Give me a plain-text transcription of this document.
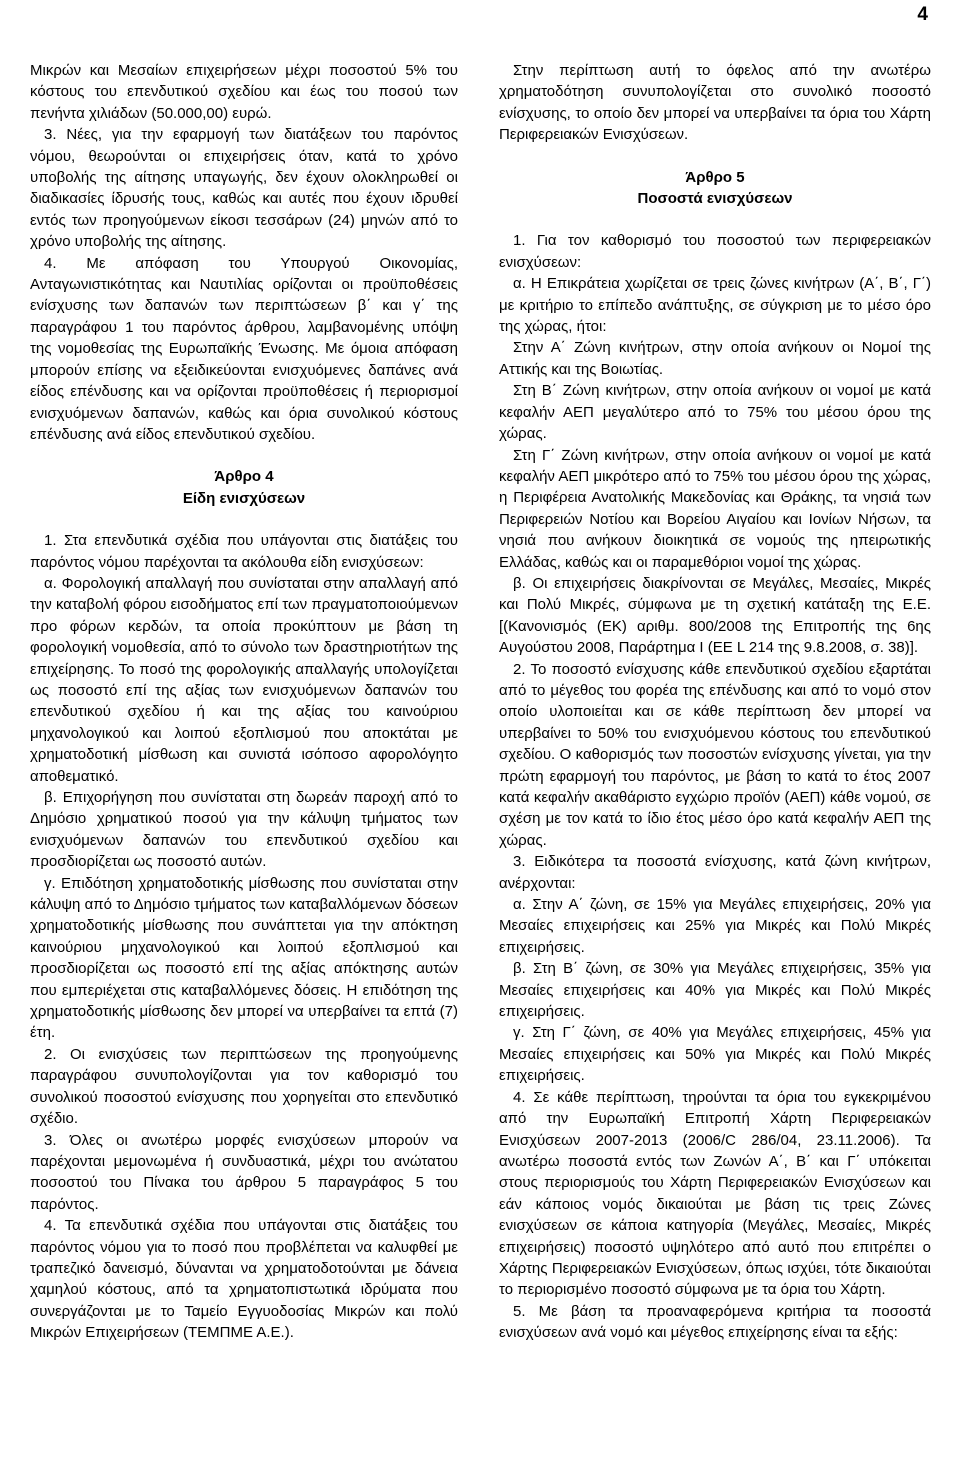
4

Μικρών και Μεσαίων επιχειρήσεων μέχρι ποσοστού 5% του κόστους του επενδυτικού σχεδίου και έως του ποσού των πενήντα χιλιάδων (50.000,00) ευρώ.

3. Νέες, για την εφαρμογή των διατάξεων του παρόντος νόμου, θεωρούνται οι επιχειρήσεις όταν, κατά το χρόνο υποβολής της αίτησης υπαγωγής, δεν έχουν ολοκληρωθεί οι διαδικασίες ίδρυσής τους, καθώς και αυτές που έχουν ιδρυθεί εντός των προηγούμενων είκοσι τεσσάρων (24) μηνών από το χρόνο υποβολής της αίτησης.

4. Με απόφαση του Υπουργού Οικονομίας, Ανταγωνιστικότητας και Ναυτιλίας ορίζονται οι προϋποθέσεις ενίσχυσης των δαπανών των περιπτώσεων β΄ και γ΄ της παραγράφου 1 του παρόντος άρθρου, λαμβανομένης υπόψη της νομοθεσίας της Ευρωπαϊκής Ένωσης. Με όμοια απόφαση μπορούν επίσης να εξειδικεύονται ενισχυόμενες δαπάνες ανά είδος επένδυσης και να ορίζονται προϋποθέσεις ή περιορισμοί ενισχυόμενων δαπανών, καθώς και όρια συνολικού κόστους επένδυσης ανά είδος επενδυτικού σχεδίου.

Άρθρο 4

Είδη ενισχύσεων

1. Στα επενδυτικά σχέδια που υπάγονται στις διατάξεις του παρόντος νόμου παρέχονται τα ακόλουθα είδη ενισχύσεων:

α. Φορολογική απαλλαγή που συνίσταται στην απαλλαγή από την καταβολή φόρου εισοδήματος επί των πραγματοποιούμενων προ φόρων κερδών, τα οποία προκύπτουν με βάση τη φορολογική νομοθεσία, από το σύνολο των δραστηριοτήτων της επιχείρησης. Το ποσό της φορολογικής απαλλαγής υπολογίζεται ως ποσοστό επί της αξίας των ενισχυόμενων δαπανών του επενδυτικού σχεδίου ή και της αξίας του καινούριου μηχανολογικού και λοιπού εξοπλισμού που αποκτάται με χρηματοδοτική μίσθωση και συνιστά ισόποσο αφορολόγητο αποθεματικό.

β. Επιχορήγηση που συνίσταται στη δωρεάν παροχή από το Δημόσιο χρηματικού ποσού για την κάλυψη τμήματος των ενισχυόμενων δαπανών του επενδυτικού σχεδίου και προσδιορίζεται ως ποσοστό αυτών.

γ. Επιδότηση χρηματοδοτικής μίσθωσης που συνίσταται στην κάλυψη από το Δημόσιο τμήματος των καταβαλλόμενων δόσεων χρηματοδοτικής μίσθωσης που συνάπτεται για την απόκτηση καινούριου μηχανολογικού και λοιπού εξοπλισμού και προσδιορίζεται ως ποσοστό επί της αξίας απόκτησης αυτών που εμπεριέχεται στις καταβαλλόμενες δόσεις. Η επιδότηση της χρηματοδοτικής μίσθωσης δεν μπορεί να υπερβαίνει τα επτά (7) έτη.

2. Οι ενισχύσεις των περιπτώσεων της προηγούμενης παραγράφου συνυπολογίζονται για τον καθορισμό του συνολικού ποσοστού ενίσχυσης που χορηγείται στο επενδυτικό σχέδιο.

3. Όλες οι ανωτέρω μορφές ενισχύσεων μπορούν να παρέχονται μεμονωμένα ή συνδυαστικά, μέχρι του ανώτατου ποσοστού του Πίνακα του άρθρου 5 παραγράφος 5 του παρόντος.

4. Τα επενδυτικά σχέδια που υπάγονται στις διατάξεις του παρόντος νόμου για το ποσό που προβλέπεται να καλυφθεί με τραπεζικό δανεισμό, δύνανται να χρηματοδοτούνται με δάνεια χαμηλού κόστους, από τα χρηματοπιστωτικά ιδρύματα που συνεργάζονται με το Ταμείο Εγγυοδοσίας Μικρών και πολύ Μικρών Επιχειρήσεων (ΤΕΜΠΜΕ Α.Ε.).

Στην περίπτωση αυτή το όφελος από την ανωτέρω χρηματοδότηση συνυπολογίζεται στο συνολικό ποσοστό ενίσχυσης, το οποίο δεν μπορεί να υπερβαίνει τα όρια του Χάρτη Περιφερειακών Ενισχύσεων.

Άρθρο 5

Ποσοστά ενισχύσεων

1. Για τον καθορισμό του ποσοστού των περιφερειακών ενισχύσεων:

α. Η Επικράτεια χωρίζεται σε τρεις ζώνες κινήτρων (Α΄, Β΄, Γ΄) με κριτήριο το επίπεδο ανάπτυξης, σε σύγκριση με το μέσο όρο της χώρας, ήτοι:

Στην Α΄ Ζώνη κινήτρων, στην οποία ανήκουν οι Νομοί της Αττικής και της Βοιωτίας.

Στη Β΄ Ζώνη κινήτρων, στην οποία ανήκουν οι νομοί με κατά κεφαλήν ΑΕΠ μεγαλύτερο από το 75% του μέσου όρου της χώρας.

Στη Γ΄ Ζώνη κινήτρων, στην οποία ανήκουν οι νομοί με κατά κεφαλήν ΑΕΠ μικρότερο από το 75% του μέσου όρου της χώρας, η Περιφέρεια Ανατολικής Μακεδονίας και Θράκης, τα νησιά των Περιφερειών Νοτίου και Βορείου Αιγαίου και Ιονίων Νήσων, τα νησιά που ανήκουν διοικητικά σε νομούς της ηπειρωτικής Ελλάδας, καθώς και οι παραμεθόριοι νομοί της χώρας.

β. Οι επιχειρήσεις διακρίνονται σε Μεγάλες, Μεσαίες, Μικρές και Πολύ Μικρές, σύμφωνα με τη σχετική κατάταξη της Ε.Ε. [(Κανονισμός (ΕΚ) αριθμ. 800/2008 της Επιτροπής της 6ης Αυγούστου 2008, Παράρτημα Ι (ΕΕ L 214 της 9.8.2008, σ. 38)].

2. Το ποσοστό ενίσχυσης κάθε επενδυτικού σχεδίου εξαρτάται από το μέγεθος του φορέα της επένδυσης και από το νομό στον οποίο υλοποιείται και σε κάθε περίπτωση δεν μπορεί να υπερβαίνει το 50% του ενισχυόμενου κόστους του επενδυτικού σχεδίου. Ο καθορισμός των ποσοστών ενίσχυσης γίνεται, για την πρώτη εφαρμογή του παρόντος, με βάση το κατά το έτος 2007 κατά κεφαλήν ακαθάριστο εγχώριο προϊόν (ΑΕΠ) κάθε νομού, σε σχέση με τον κατά το ίδιο έτος μέσο όρο κατά κεφαλήν ΑΕΠ της χώρας.

3. Ειδικότερα τα ποσοστά ενίσχυσης, κατά ζώνη κινήτρων, ανέρχονται:

α. Στην Α΄ ζώνη, σε 15% για Μεγάλες επιχειρήσεις, 20% για Μεσαίες επιχειρήσεις και 25% για Μικρές και Πολύ Μικρές επιχειρήσεις.

β. Στη Β΄ ζώνη, σε 30% για Μεγάλες επιχειρήσεις, 35% για Μεσαίες επιχειρήσεις και 40% για Μικρές και Πολύ Μικρές επιχειρήσεις.

γ. Στη Γ΄ ζώνη, σε 40% για Μεγάλες επιχειρήσεις, 45% για Μεσαίες επιχειρήσεις και 50% για Μικρές και Πολύ Μικρές επιχειρήσεις.

4. Σε κάθε περίπτωση, τηρούνται τα όρια του εγκεκριμένου από την Ευρωπαϊκή Επιτροπή Χάρτη Περιφερειακών Ενισχύσεων 2007-2013 (2006/C 286/04, 23.11.2006). Τα ανωτέρω ποσοστά εντός των Ζωνών Α΄, Β΄ και Γ΄ υπόκειται στους περιορισμούς του Χάρτη Περιφερειακών Ενισχύσεων και εάν κάποιος νομός δικαιούται με βάση τις τρεις Ζώνες ενισχύσεων σε κάποια κατηγορία (Μεγάλες, Μεσαίες, Μικρές επιχειρήσεις) ποσοστό υψηλότερο από αυτό που επιτρέπει ο Χάρτης Περιφερειακών Ενισχύσεων, όπως ισχύει, τότε δικαιούται το περιορισμένο ποσοστό σύμφωνα με τα όρια του Χάρτη.

5. Με βάση τα προαναφερόμενα κριτήρια τα ποσοστά ενισχύσεων ανά νομό και μέγεθος επιχείρησης είναι τα εξής:
